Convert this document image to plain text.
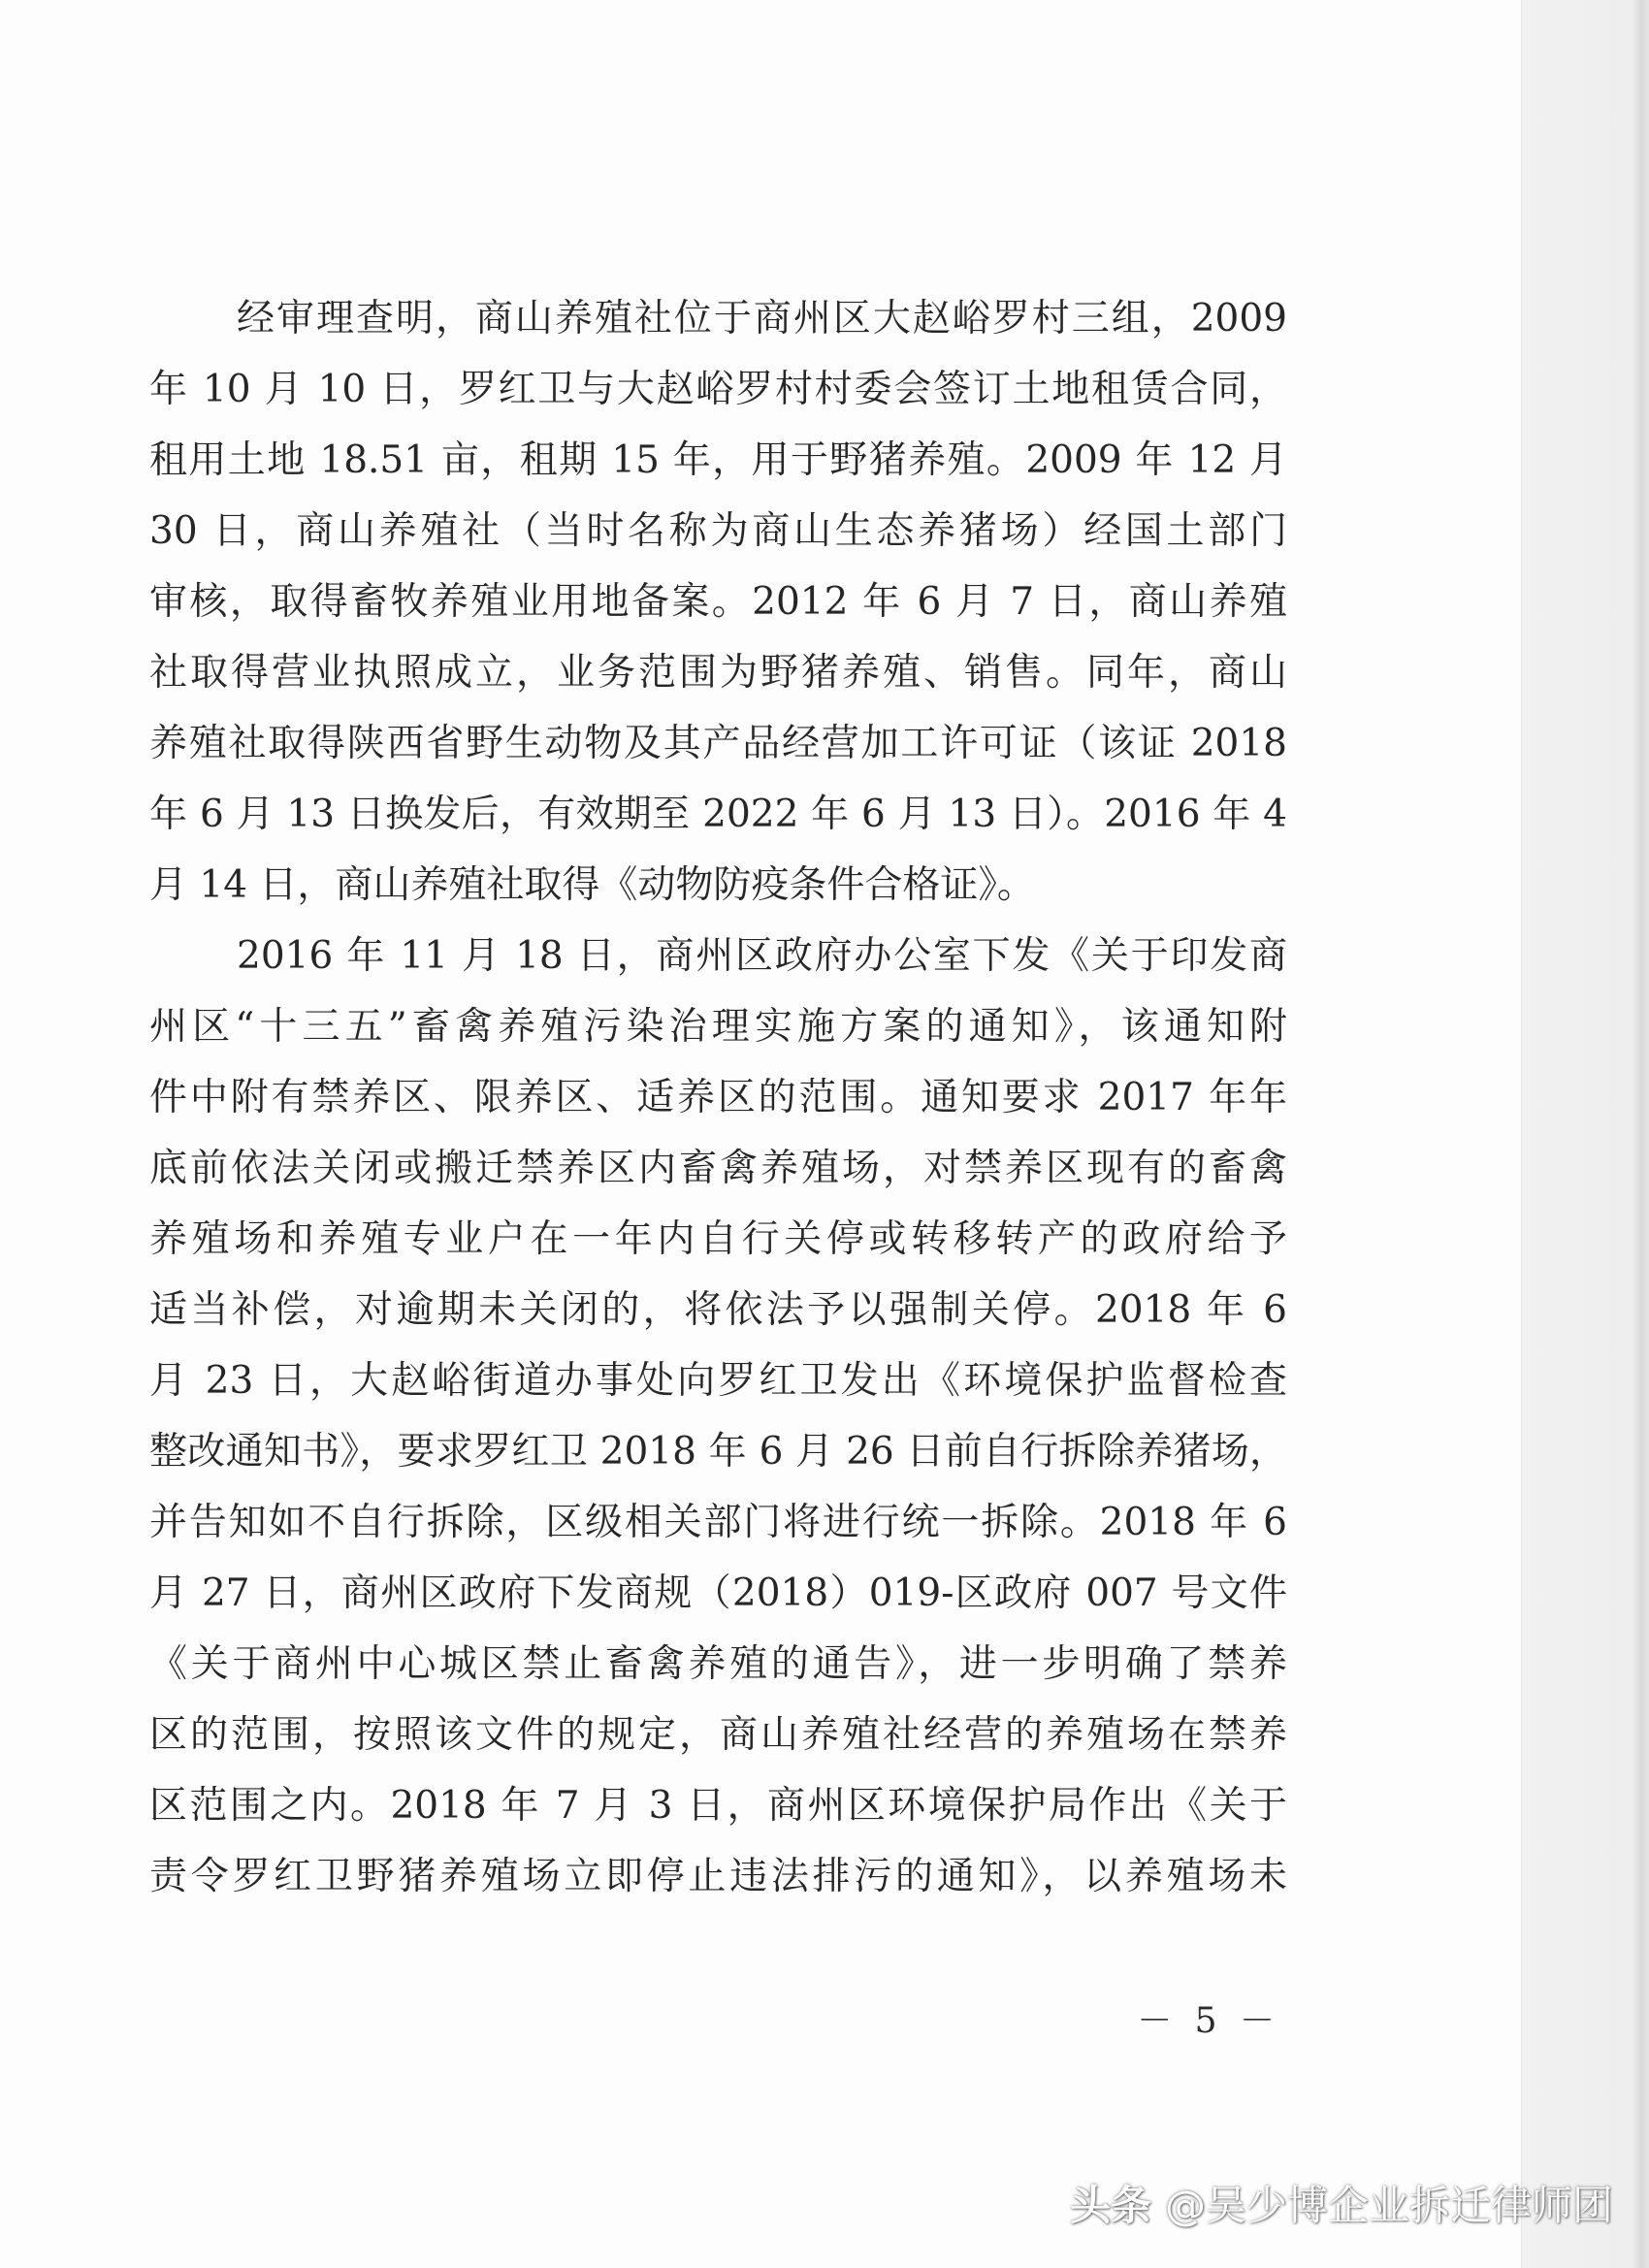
经审理查明，商山养殖社位于商州区大赵峪罗村三组，2009
年 10 月 10 日，罗红卫与大赵峪罗村村委会签订土地租赁合同，
租用土地 18.51 亩，租期 15 年，用于野猪养殖。2009 年 12 月
30 日，商山养殖社（当时名称为商山生态养猪场）经国土部门
审核，取得畜牧养殖业用地备案。2012 年 6 月 7 日，商山养殖
社取得营业执照成立，业务范围为野猪养殖、销售。同年，商山
养殖社取得陕西省野生动物及其产品经营加工许可证（该证 2018
年 6 月 13 日换发后，有效期至 2022 年 6 月 13 日）。2016 年 4
月 14 日，商山养殖社取得《动物防疫条件合格证》。
2016 年 11 月 18 日，商州区政府办公室下发《关于印发商
州区“十三五”畜禽养殖污染治理实施方案的通知》，该通知附
件中附有禁养区、限养区、适养区的范围。通知要求 2017 年年
底前依法关闭或搬迁禁养区内畜禽养殖场，对禁养区现有的畜禽
养殖场和养殖专业户在一年内自行关停或转移转产的政府给予
适当补偿，对逾期未关闭的，将依法予以强制关停。2018 年 6
月 23 日，大赵峪街道办事处向罗红卫发出《环境保护监督检查
整改通知书》，要求罗红卫 2018 年 6 月 26 日前自行拆除养猪场，
并告知如不自行拆除，区级相关部门将进行统一拆除。2018 年 6
月 27 日，商州区政府下发商规（2018）019-区政府 007 号文件
《关于商州中心城区禁止畜禽养殖的通告》，进一步明确了禁养
区的范围，按照该文件的规定，商山养殖社经营的养殖场在禁养
区范围之内。2018 年 7 月 3 日，商州区环境保护局作出《关于
责令罗红卫野猪养殖场立即停止违法排污的通知》，以养殖场未
－ 5 －
头条 @吴少博企业拆迁律师团
